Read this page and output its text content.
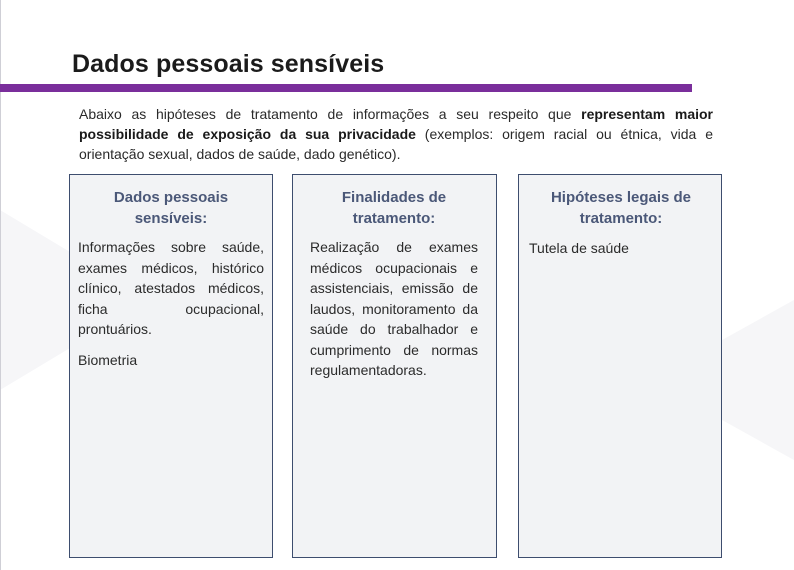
Dados pessoais sensíveis

Abaixo as hipóteses de tratamento de informações a seu respeito que representam maior possibilidade de exposição da sua privacidade (exemplos: origem racial ou étnica, vida e orientação sexual, dados de saúde, dado genético).

Dados pessoais sensíveis:

Informações sobre saúde, exames médicos, histórico clínico, atestados médicos, ficha ocupacional, prontuários.

Biometria

Finalidades de tratamento:

Realização de exames médicos ocupacionais e assistenciais, emissão de laudos, monitoramento da saúde do trabalhador e cumprimento de normas regulamentadoras.

Hipóteses legais de tratamento:

Tutela de saúde
